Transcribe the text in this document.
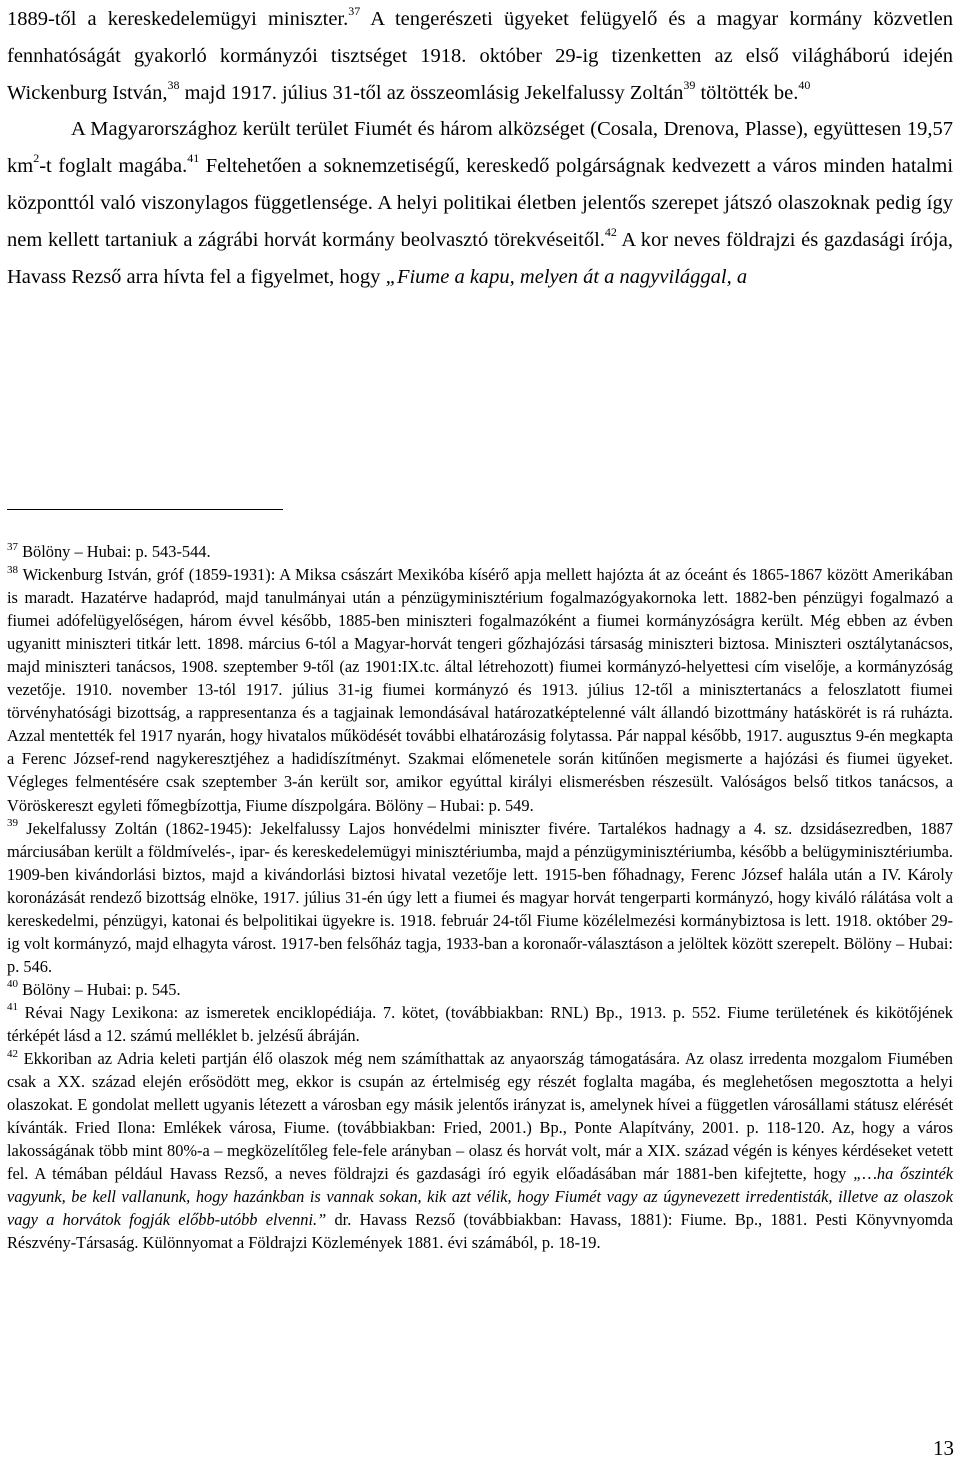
1889-től a kereskedelemügyi miniszter.$^{37}$ A tengerészeti ügyeket felügyelő és a magyar kormány közvetlen fennhatóságát gyakorló kormányzói tisztséget 1918. október 29-ig tizenketten az első világháború idején Wickenburg István,$^{38}$ majd 1917. július 31-től az összeomlásig Jekelfalussy Zoltán$^{39}$ töltötték be.$^{40}$
A Magyarországhoz került terület Fiumét és három alközséget (Cosala, Drenova, Plasse), együttesen 19,57 $km^2-t$ foglalt magába.$^{41}$ Feltehetően a soknemzetiségű, kereskedő polgárságnak kedvezett a város minden hatalmi központtól való viszonylagos függetlensége. A helyi politikai életben jelentős szerepet játszó olaszoknak pedig így nem kellett tartaniuk a zágrábi horvát kormány beolvasztó törekvéseitől.$^{42}$ A kor neves földrajzi és gazdasági írója, Havass Rezső arra hívta fel a figyelmet, hogy „Fiume a kapu, melyen át a nagyvilággal, a

$^{37}$ Bölöny – Hubai: p. 543-544.

$^{38}$ Wickenburg István, gróf (1859-1931): A Miksa császárt Mexikóba kísérő apja mellett hajózta át az óceánt és 1865-1867 között Amerikában is maradt. Hazatérve hadapród, majd tanulmányai után a pénzügyminisztérium fogalmazógyakornoka lett. 1882-ben pénzügyi fogalmazó a fiumei adófelügyelőségen, három évvel később, 1885-ben miniszteri fogalmazóként a fiumei kormányzóságra került. Még ebben az évben ugyanitt miniszteri titkár lett. 1898. március 6-tól a Magyar-horvát tengeri gőzhajózási társaság miniszteri biztosa. Miniszteri osztálytanácsos, majd miniszteri tanácsos, 1908. szeptember 9-től (az 1901:IX.tc. által létrehozott) fiumei kormányzó-helyettesi cím viselője, a kormányzóság vezetője. 1910. november 13-tól 1917. július 31-ig fiumei kormányzó és 1913. július 12-től a minisztertanács a feloszlatott fiumei törvényhatósági bizottság, a rappresentanza és a tagjainak lemondásával határozatképtelenné vált állandó bizottmány hatáskörét is rá ruházta. Azzal mentették fel 1917 nyarán, hogy hivatalos működését további elhatározásig folytassa. Pár nappal később, 1917. augusztus 9-én megkapta a Ferenc József-rend nagykeresztjéhez a hadidíszítményt. Szakmai előmenetele során kitűnően megismerte a hajózási és fiumei ügyeket. Végleges felmentésére csak szeptember 3-án került sor, amikor egyúttal királyi elismerésben részesült. Valóságos belső titkos tanácsos, a Vöröskereszt egyleti főmegbízottja, Fiume díszpolgára. Bölöny – Hubai: p. 549.

$^{39}$ Jekelfalussy Zoltán (1862-1945): Jekelfalussy Lajos honvédelmi miniszter fivére. Tartalékos hadnagy a 4. sz. dzsidásezredben, 1887 márciusában került a földmívelés-, ipar- és kereskedelemügyi minisztériumba, majd a pénzügyminisztériumba, később a belügyminisztériumba. 1909-ben kivándorlási biztos, majd a kivándorlási biztosi hivatal vezetője lett. 1915-ben főhadnagy, Ferenc József halála után a IV. Károly koronázását rendező bizottság elnöke, 1917. július 31-én úgy lett a fiumei és magyar horvát tengerparti kormányzó, hogy kiváló rálátása volt a kereskedelmi, pénzügyi, katonai és belpolitikai ügyekre is. 1918. február 24-től Fiume közélelmezési kormánybiztosa is lett. 1918. október 29-ig volt kormányzó, majd elhagyta várost. 1917-ben felsőház tagja, 1933-ban a koronaőr-választáson a jelöltek között szerepelt. Bölöny – Hubai: p. 546.

$^{40}$ Bölöny – Hubai: p. 545.

$^{41}$ Révai Nagy Lexikona: az ismeretek enciklopédiája. 7. kötet, (továbbiakban: RNL) Bp., 1913. p. 552. Fiume területének és kikötőjének térképét lásd a 12. számú melléklet b. jelzésű ábráján.

$^{42}$ Ekkoriban az Adria keleti partján élő olaszok még nem számíthattak az anyaország támogatására. Az olasz irredenta mozgalom Fiumében csak a XX. század elején erősödött meg, ekkor is csupán az értelmiség egy részét foglalta magába, és meglehetősen megosztotta a helyi olaszokat. E gondolat mellett ugyanis létezett a városban egy másik jelentős irányzat is, amelynek hívei a független városállami státusz elérését kívánták. Fried Ilona: Emlékek városa, Fiume. (továbbiakban: Fried, 2001.) Bp., Ponte Alapítvány, 2001. p. 118-120. Az, hogy a város lakosságának több mint 80%-a – megközelítőleg fele-fele arányban – olasz és horvát volt, már a XIX. század végén is kényes kérdéseket vetett fel. A témában például Havass Rezső, a neves földrajzi és gazdasági író egyik előadásában már 1881-ben kifejtette, hogy „…ha őszinték vagyunk, be kell vallanunk, hogy hazánkban is vannak sokan, kik azt vélik, hogy Fiumét vagy az úgynevezett irredentisták, illetve az olaszok vagy a horvátok fogják előbb-utóbb elvenni.” dr. Havass Rezső (továbbiakban: Havass, 1881): Fiume. Bp., 1881. Pesti Könyvnyomda Részvény-Társaság. Különnyomat a Földrajzi Közlemények 1881. évi számából, p. 18-19.

13
